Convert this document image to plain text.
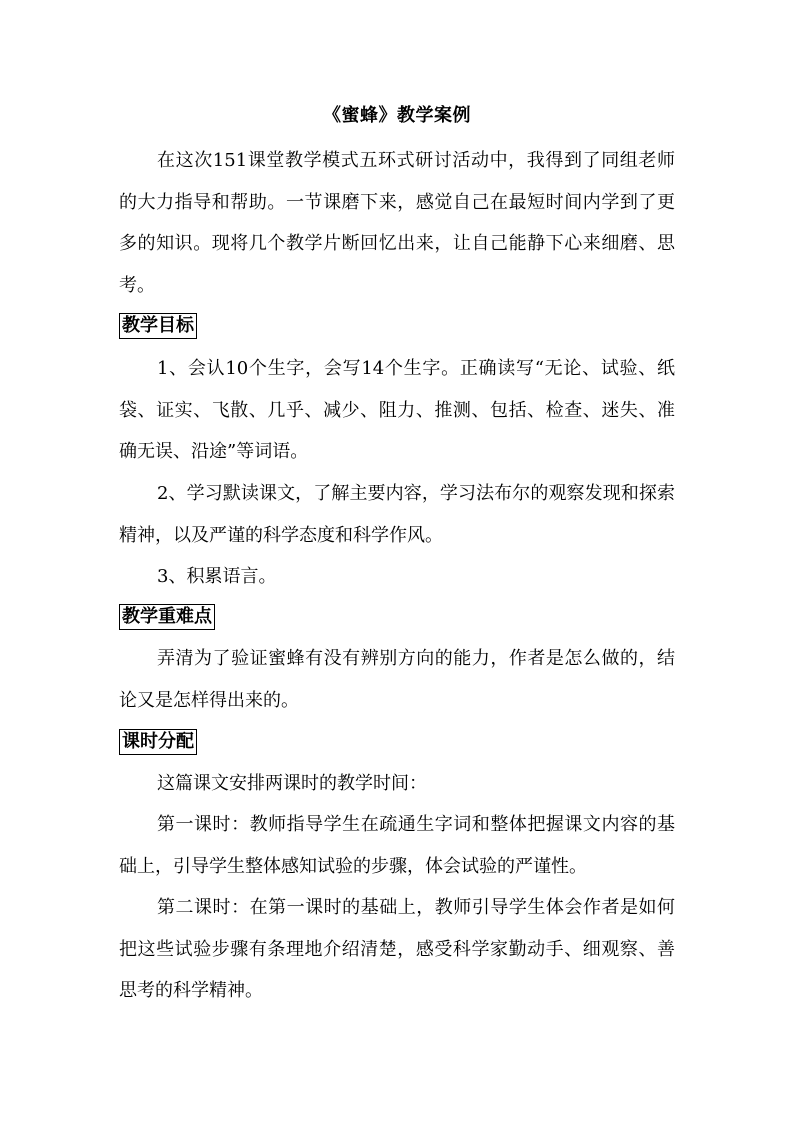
《蜜蜂》教学案例

在这次151课堂教学模式五环式研讨活动中，我得到了同组老师的大力指导和帮助。一节课磨下来，感觉自己在最短时间内学到了更多的知识。现将几个教学片断回忆出来，让自己能静下心来细磨、思考。

教学目标

1、会认10个生字，会写14个生字。正确读写“无论、试验、纸袋、证实、飞散、几乎、减少、阻力、推测、包括、检查、迷失、准确无误、沿途”等词语。

2、学习默读课文，了解主要内容，学习法布尔的观察发现和探索精神，以及严谨的科学态度和科学作风。

3、积累语言。

教学重难点

弄清为了验证蜜蜂有没有辨别方向的能力，作者是怎么做的，结论又是怎样得出来的。

课时分配

这篇课文安排两课时的教学时间：

第一课时：教师指导学生在疏通生字词和整体把握课文内容的基础上，引导学生整体感知试验的步骤，体会试验的严谨性。

第二课时：在第一课时的基础上，教师引导学生体会作者是如何把这些试验步骤有条理地介绍清楚，感受科学家勤动手、细观察、善思考的科学精神。
